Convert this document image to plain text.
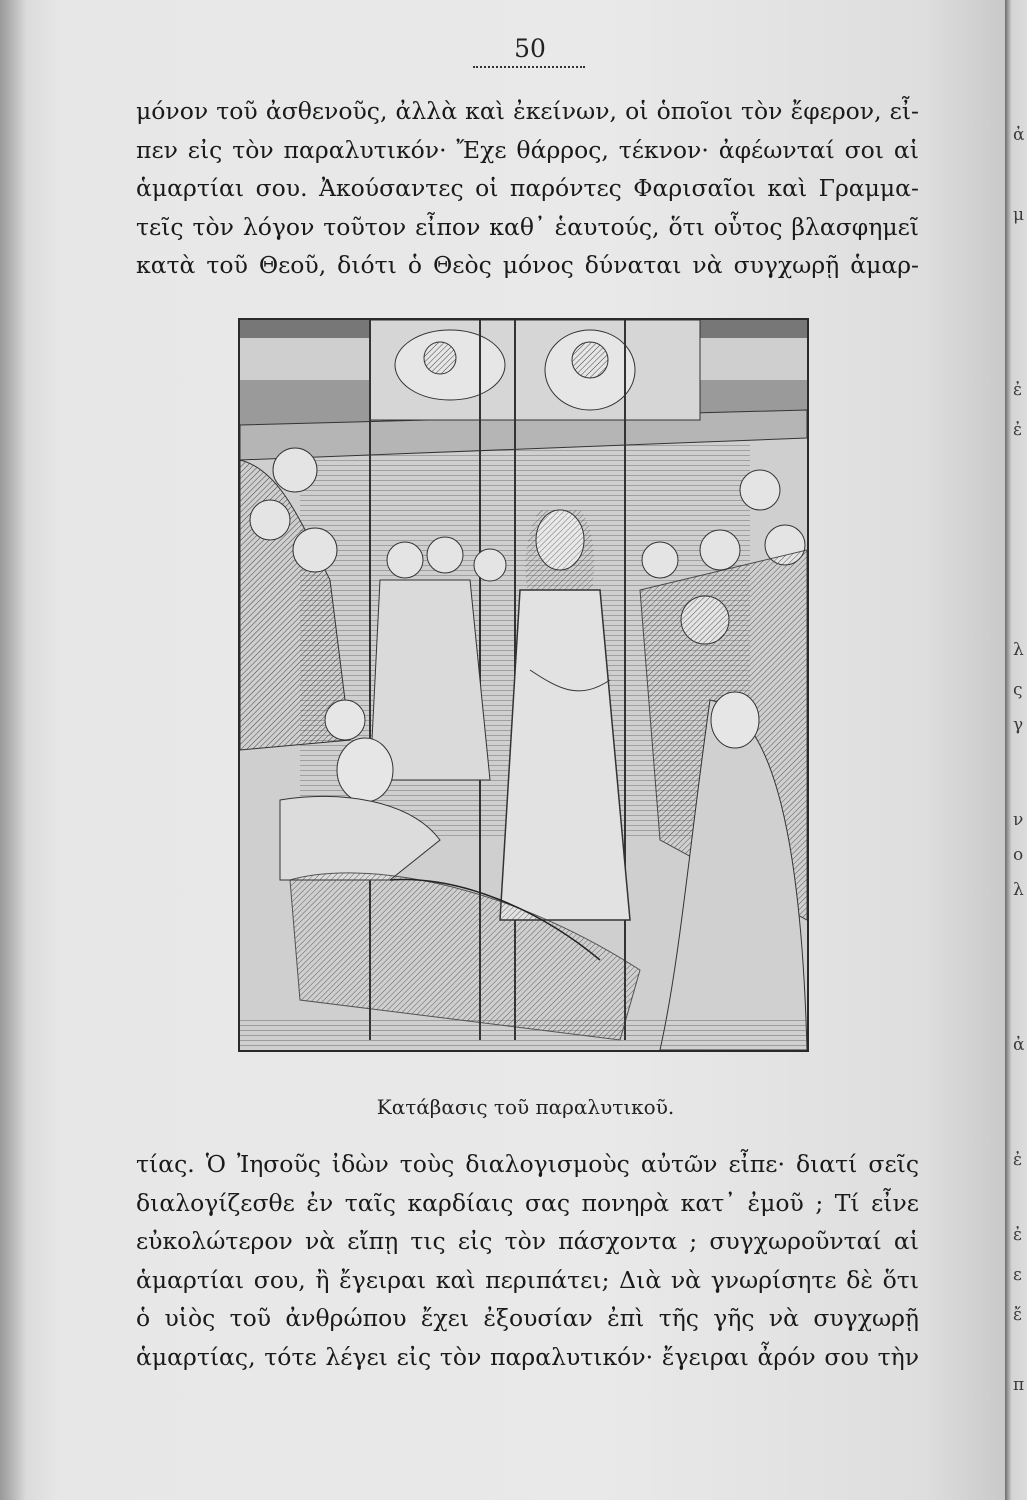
50
μόνον τοῦ ἀσθενοῦς, ἀλλὰ καὶ ἐκείνων, οἱ ὁποῖοι τὸν ἔφερον, εἶ-
πεν εἰς τὸν παραλυτικόν· Ἔχε θάρρος, τέκνον· ἀφέωνταί σοι αἱ
ἁμαρτίαι σου. Ἀκούσαντες οἱ παρόντες Φαρισαῖοι καὶ Γραμμα-
τεῖς τὸν λόγον τοῦτον εἶπον καθ᾽ ἑαυτούς, ὅτι οὗτος βλασφημεῖ
κατὰ τοῦ Θεοῦ, διότι ὁ Θεὸς μόνος δύναται νὰ συγχωρῇ ἁμαρ-
Κατάβασις τοῦ παραλυτικοῦ.
τίας. Ὁ Ἰησοῦς ἰδὼν τοὺς διαλογισμοὺς αὐτῶν εἶπε· διατί σεῖς
διαλογίζεσθε ἐν ταῖς καρδίαις σας πονηρὰ κατ᾽ ἐμοῦ ; Τί εἶνε
εὐκολώτερον νὰ εἴπῃ τις εἰς τὸν πάσχοντα ; συγχωροῦνταί αἱ
ἁμαρτίαι σου, ἢ ἔγειραι καὶ περιπάτει; Διὰ νὰ γνωρίσητε δὲ ὅτι
ὁ υἱὸς τοῦ ἀνθρώπου ἔχει ἐξουσίαν ἐπὶ τῆς γῆς νὰ συγχωρῇ
ἁμαρτίας, τότε λέγει εἰς τὸν παραλυτικόν· ἔγειραι ἆρόν σου τὴν
ἀ
μ
ἐ
ἐ
λ
ς
γ
ν
ο
λ
ἀ
ἐ
ἐ
ε
ἔ
π
